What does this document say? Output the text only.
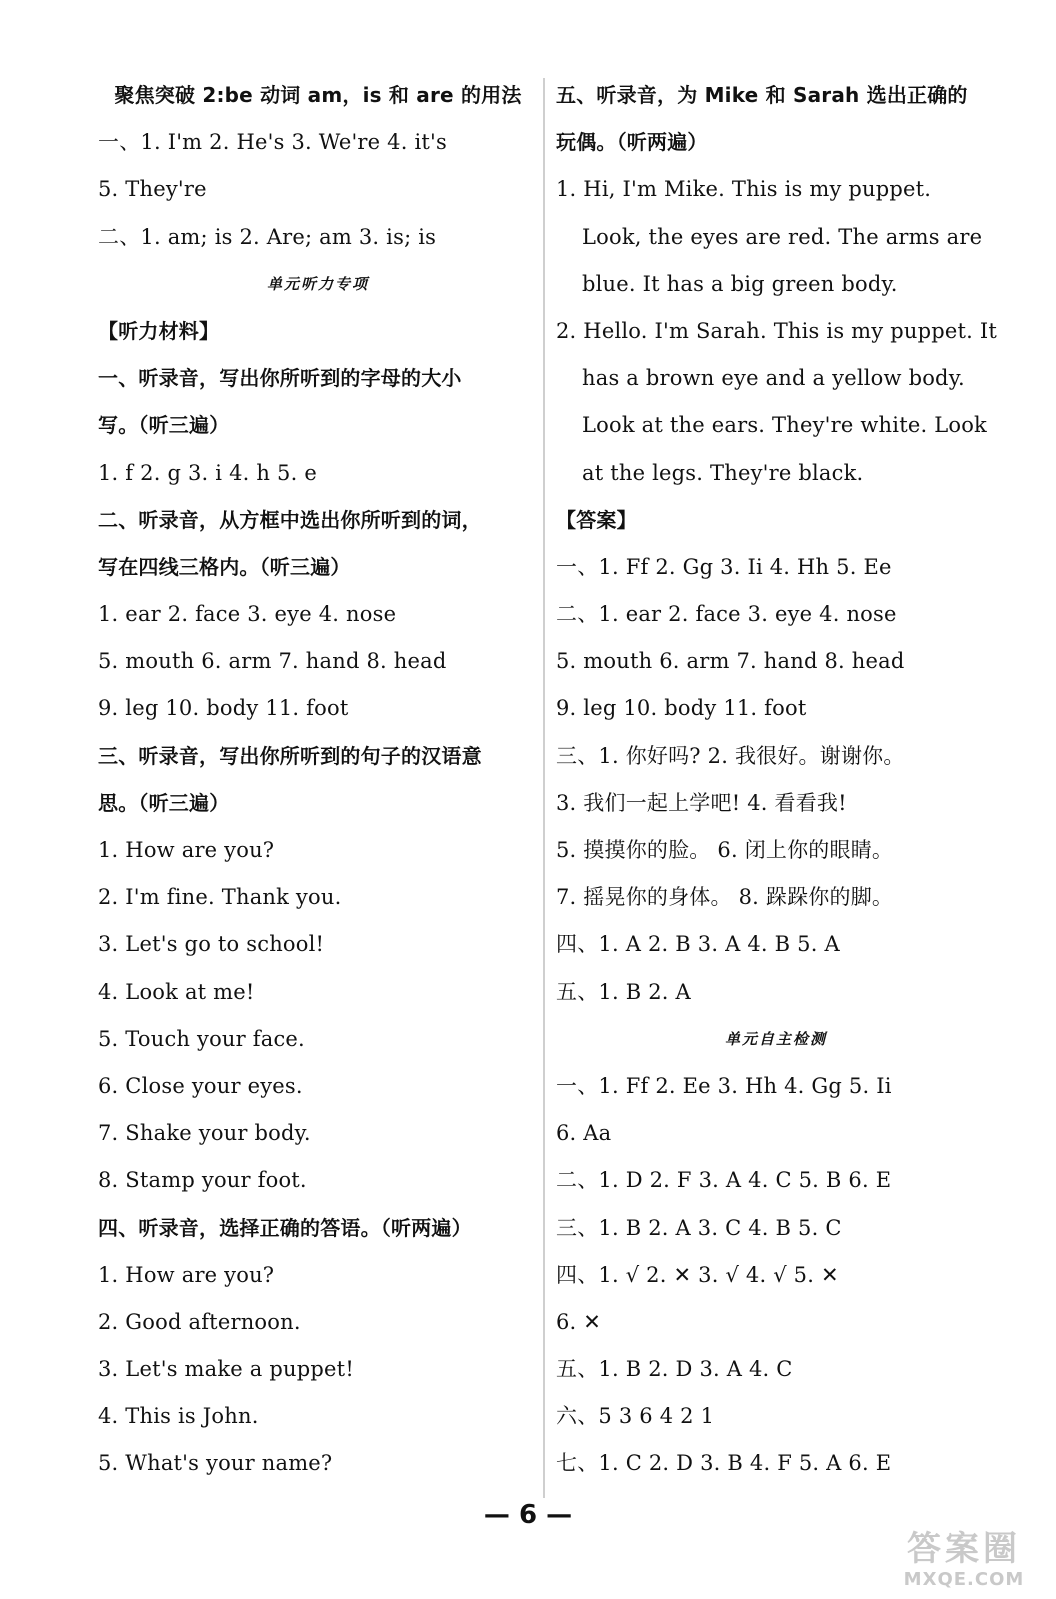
聚焦突破 2:be 动词 am，is 和 are 的用法
一、1. I'm 2. He's 3. We're 4. it's
5. They're
二、1. am; is 2. Are; am 3. is; is
单元听力专项
【听力材料】
一、听录音，写出你所听到的字母的大小
写。（听三遍）
1. f 2. g 3. i 4. h 5. e
二、听录音，从方框中选出你所听到的词，
写在四线三格内。（听三遍）
1. ear 2. face 3. eye 4. nose
5. mouth 6. arm 7. hand 8. head
9. leg 10. body 11. foot
三、听录音，写出你所听到的句子的汉语意
思。（听三遍）
1. How are you?
2. I'm fine. Thank you.
3. Let's go to school!
4. Look at me!
5. Touch your face.
6. Close your eyes.
7. Shake your body.
8. Stamp your foot.
四、听录音，选择正确的答语。（听两遍）
1. How are you?
2. Good afternoon.
3. Let's make a puppet!
4. This is John.
5. What's your name?
五、听录音，为 Mike 和 Sarah 选出正确的
玩偶。（听两遍）
1. Hi, I'm Mike. This is my puppet.
Look, the eyes are red. The arms are
blue. It has a big green body.
2. Hello. I'm Sarah. This is my puppet. It
has a brown eye and a yellow body.
Look at the ears. They're white. Look
at the legs. They're black.
【答案】
一、1. Ff 2. Gg 3. Ii 4. Hh 5. Ee
二、1. ear 2. face 3. eye 4. nose
5. mouth 6. arm 7. hand 8. head
9. leg 10. body 11. foot
三、1. 你好吗? 2. 我很好。谢谢你。
3. 我们一起上学吧! 4. 看看我!
5. 摸摸你的脸。 6. 闭上你的眼睛。
7. 摇晃你的身体。 8. 跺跺你的脚。
四、1. A 2. B 3. A 4. B 5. A
五、1. B 2. A
单元自主检测
一、1. Ff 2. Ee 3. Hh 4. Gg 5. Ii
6. Aa
二、1. D 2. F 3. A 4. C 5. B 6. E
三、1. B 2. A 3. C 4. B 5. C
四、1. √ 2. ✕ 3. √ 4. √ 5. ✕
6. ✕
五、1. B 2. D 3. A 4. C
六、5 3 6 4 2 1
七、1. C 2. D 3. B 4. F 5. A 6. E
— 6 —
答案圈
MXQE.COM
